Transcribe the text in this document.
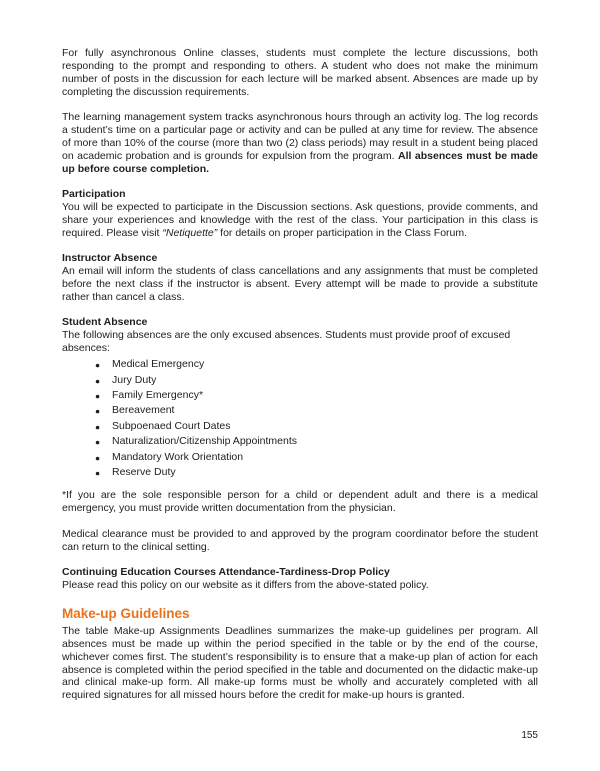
For fully asynchronous Online classes, students must complete the lecture discussions, both responding to the prompt and responding to others. A student who does not make the minimum number of posts in the discussion for each lecture will be marked absent. Absences are made up by completing the discussion requirements.

The learning management system tracks asynchronous hours through an activity log. The log records a student’s time on a particular page or activity and can be pulled at any time for review. The absence of more than 10% of the course (more than two (2) class periods) may result in a student being placed on academic probation and is grounds for expulsion from the program. All absences must be made up before course completion.

Participation

You will be expected to participate in the Discussion sections. Ask questions, provide comments, and share your experiences and knowledge with the rest of the class. Your participation in this class is required. Please visit “Netiquette” for details on proper participation in the Class Forum.

Instructor Absence

An email will inform the students of class cancellations and any assignments that must be completed before the next class if the instructor is absent. Every attempt will be made to provide a substitute rather than cancel a class.

Student Absence

The following absences are the only excused absences. Students must provide proof of excused absences:

● Medical Emergency
● Jury Duty
● Family Emergency*
● Bereavement
● Subpoenaed Court Dates
● Naturalization/Citizenship Appointments
● Mandatory Work Orientation
● Reserve Duty

*If you are the sole responsible person for a child or dependent adult and there is a medical emergency, you must provide written documentation from the physician.

Medical clearance must be provided to and approved by the program coordinator before the student can return to the clinical setting.

Continuing Education Courses Attendance-Tardiness-Drop Policy

Please read this policy on our website as it differs from the above-stated policy.

Make-up Guidelines

The table Make-up Assignments Deadlines summarizes the make-up guidelines per program. All absences must be made up within the period specified in the table or by the end of the course, whichever comes first. The student’s responsibility is to ensure that a make-up plan of action for each absence is completed within the period specified in the table and documented on the didactic make-up and clinical make-up form. All make-up forms must be wholly and accurately completed with all required signatures for all missed hours before the credit for make-up hours is granted.

155
